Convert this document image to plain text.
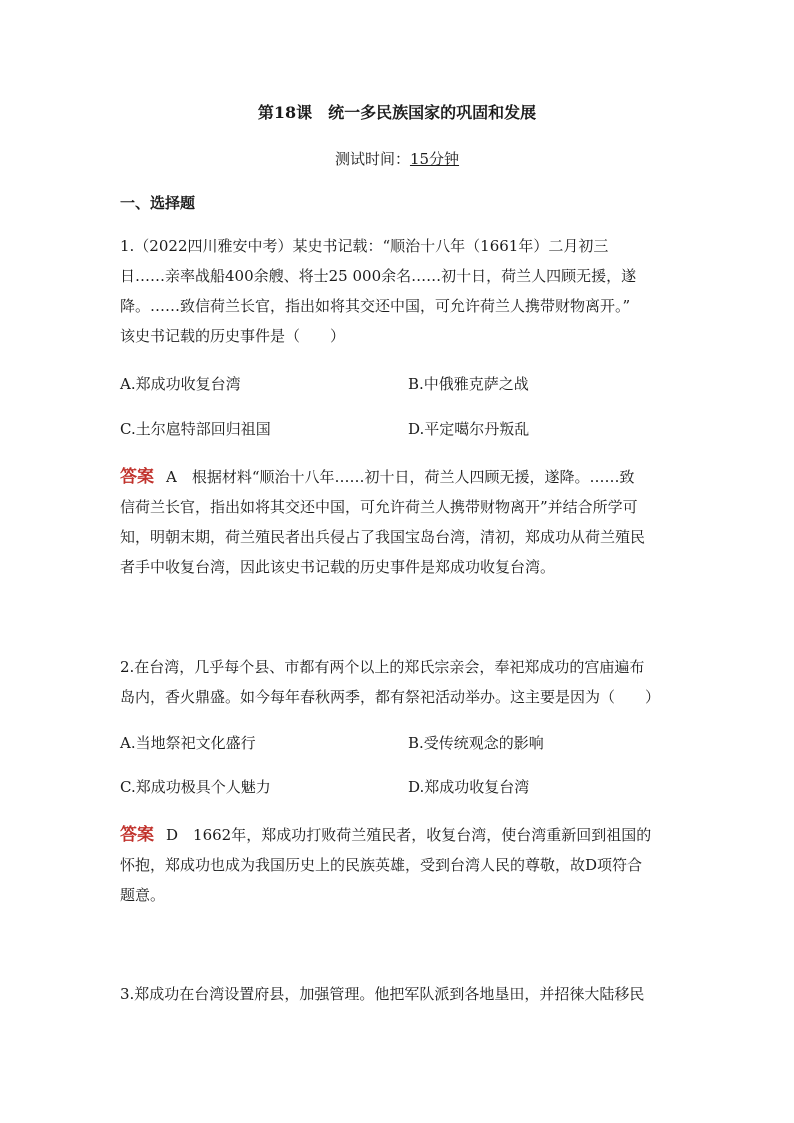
第18课　统一多民族国家的巩固和发展
测试时间：15分钟
一、选择题
1.（2022四川雅安中考）某史书记载：“顺治十八年（1661年）二月初三
日……亲率战船400余艘、将士25 000余名……初十日，荷兰人四顾无援，遂
降。……致信荷兰长官，指出如将其交还中国，可允许荷兰人携带财物离开。”
该史书记载的历史事件是（　　）
A.郑成功收复台湾	B.中俄雅克萨之战
C.土尔扈特部回归祖国	D.平定噶尔丹叛乱
答案 A　根据材料“顺治十八年……初十日，荷兰人四顾无援，遂降。……致
信荷兰长官，指出如将其交还中国，可允许荷兰人携带财物离开”并结合所学可
知，明朝末期，荷兰殖民者出兵侵占了我国宝岛台湾，清初，郑成功从荷兰殖民
者手中收复台湾，因此该史书记载的历史事件是郑成功收复台湾。
2.在台湾，几乎每个县、市都有两个以上的郑氏宗亲会，奉祀郑成功的宫庙遍布
岛内，香火鼎盛。如今每年春秋两季，都有祭祀活动举办。这主要是因为（　　）
A.当地祭祀文化盛行	B.受传统观念的影响
C.郑成功极具个人魅力	D.郑成功收复台湾
答案 D　1662年，郑成功打败荷兰殖民者，收复台湾，使台湾重新回到祖国的
怀抱，郑成功也成为我国历史上的民族英雄，受到台湾人民的尊敬，故D项符合
题意。
3.郑成功在台湾设置府县，加强管理。他把军队派到各地垦田，并招徕大陆移民
